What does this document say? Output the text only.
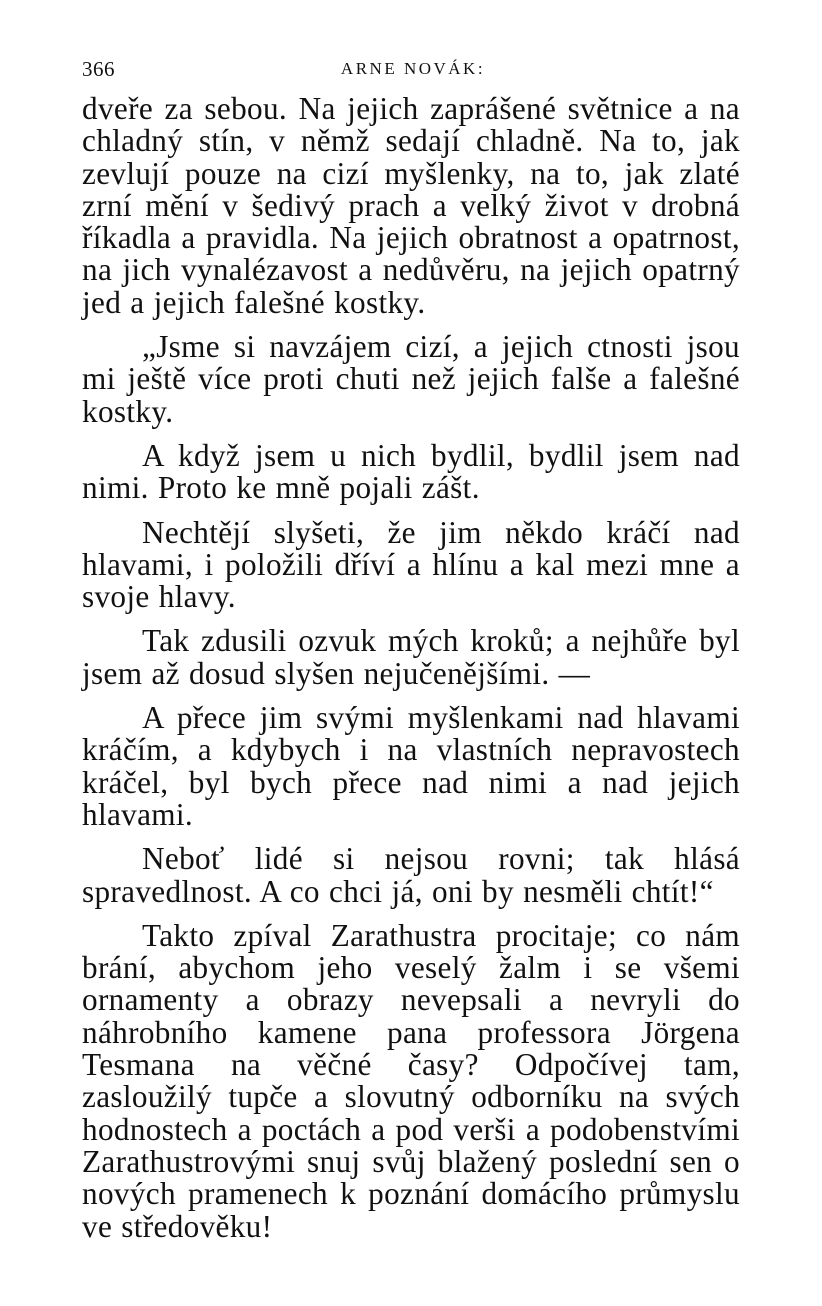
366	ARNE NOVÁK:

dveře za sebou. Na jejich zaprášené světnice a na chladný stín, v němž sedají chladně. Na to, jak zevlují pouze na cizí myšlenky, na to, jak zlaté zrní mění v šedivý prach a velký život v drobná říkadla a pravidla. Na jejich obratnost a opatrnost, na jich vynalézavost a nedůvěru, na jejich opatrný jed a jejich falešné kostky.

„Jsme si navzájem cizí, a jejich ctnosti jsou mi ještě více proti chuti než jejich falše a falešné kostky.

A když jsem u nich bydlil, bydlil jsem nad nimi. Proto ke mně pojali zášt.

Nechtějí slyšeti, že jim někdo kráčí nad hlavami, i položili dříví a hlínu a kal mezi mne a svoje hlavy.

Tak zdusili ozvuk mých kroků; a nejhůře byl jsem až dosud slyšen nejučenějšími. —

A přece jim svými myšlenkami nad hlavami kráčím, a kdybych i na vlastních nepravostech kráčel, byl bych přece nad nimi a nad jejich hlavami.

Neboť lidé si nejsou rovni; tak hlásá spravedlnost. A co chci já, oni by nesměli chtít!“

Takto zpíval Zarathustra procitaje; co nám brání, abychom jeho veselý žalm i se všemi ornamenty a obrazy nevepsali a nevryli do náhrobního kamene pana professora Jörgena Tesmana na věčné časy? Odpočívej tam, zasloužilý tupče a slovutný odborníku na svých hodnostech a poctách a pod verši a podobenstvími Zarathustrovými snuj svůj blažený poslední sen o nových pramenech k poznání domácího průmyslu ve středověku!
